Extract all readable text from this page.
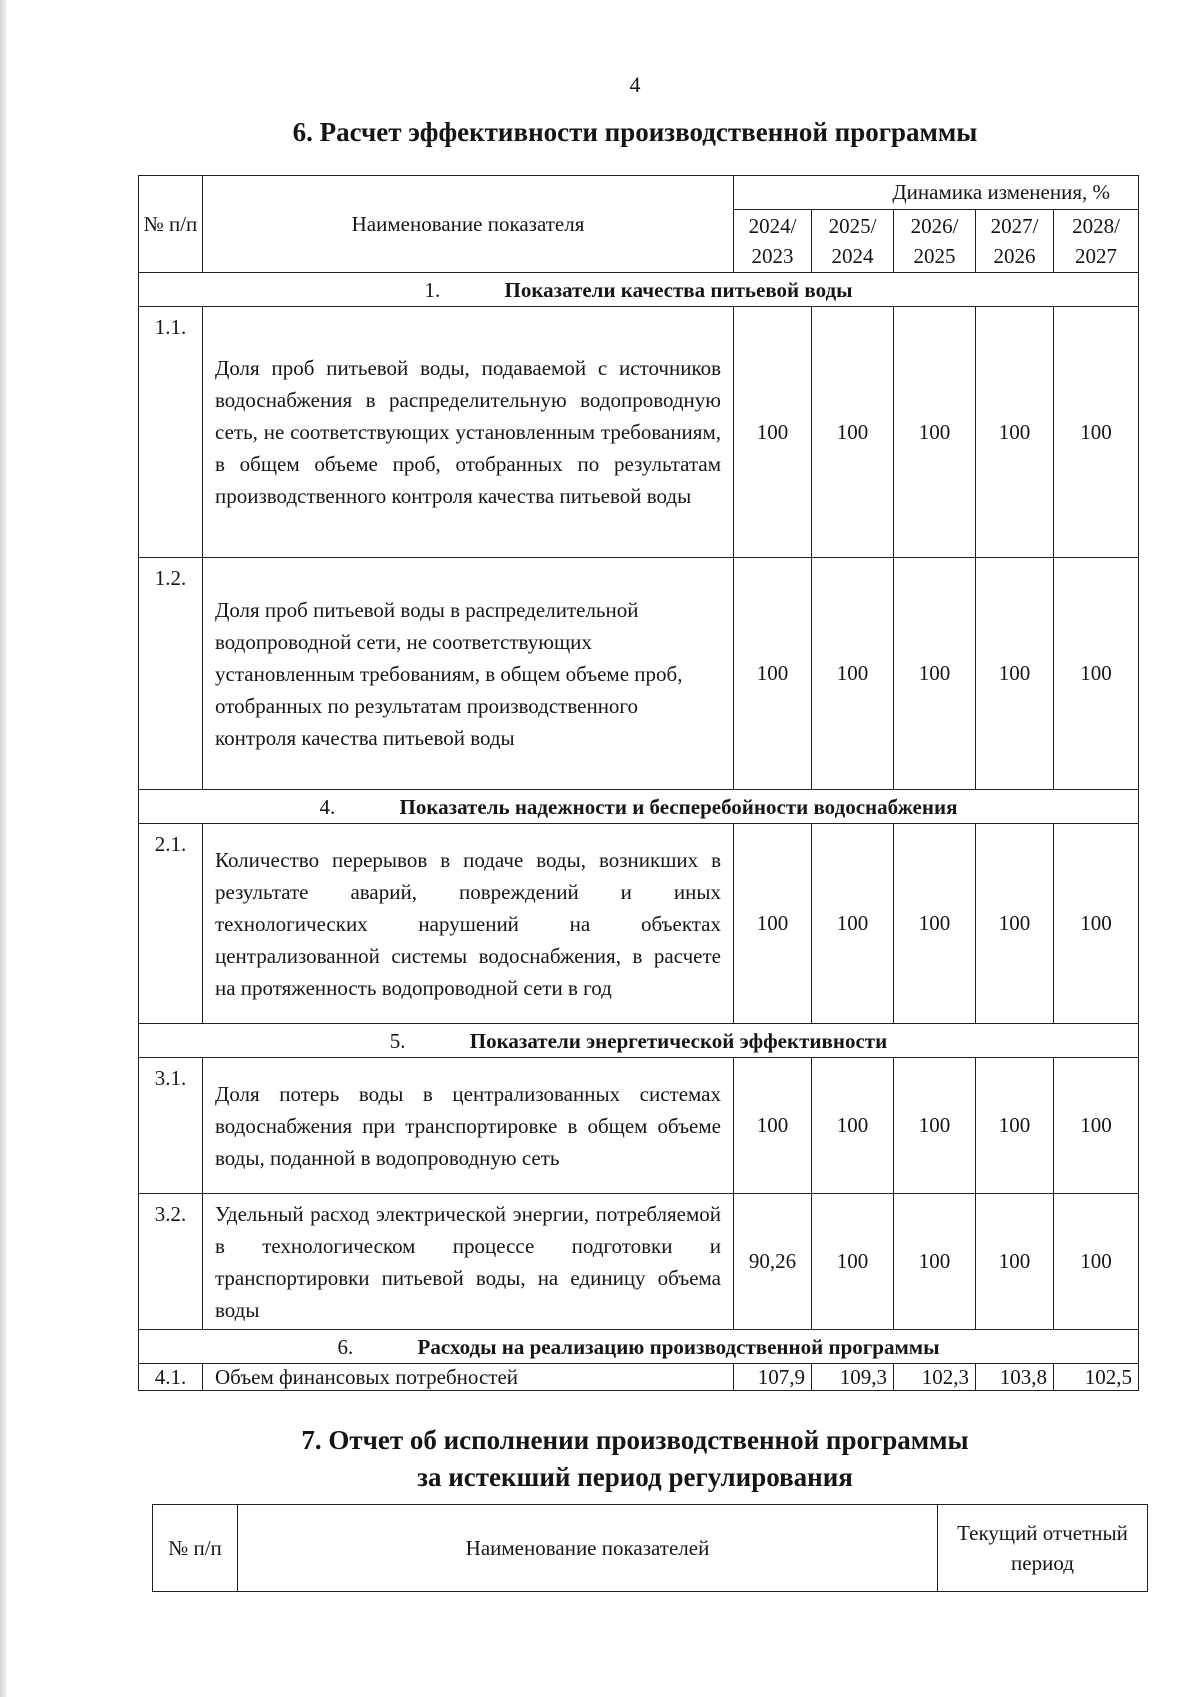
4
6. Расчет эффективности производственной программы
№ п/п	Наименование показателя	Динамика изменения, %				
		2024/ 2023	2025/ 2024	2026/ 2025	2027/ 2026	2028/ 2027
1. Показатели качества питьевой воды						
1.1.	Доля проб питьевой воды, подаваемой с источников водоснабжения в распределительную водопроводную сеть, не соответствующих установленным требованиям, в общем объеме проб, отобранных по результатам производственного контроля качества питьевой воды	100	100	100	100	100
1.2.	Доля проб питьевой воды в распределительной водопроводной сети, не соответствующих установленным требованиям, в общем объеме проб, отобранных по результатам производственного контроля качества питьевой воды	100	100	100	100	100
4. Показатель надежности и бесперебойности водоснабжения						
2.1.	Количество перерывов в подаче воды, возникших в результате аварий, повреждений и иных технологических нарушений на объектах централизованной системы водоснабжения, в расчете на протяженность водопроводной сети в год	100	100	100	100	100
5. Показатели энергетической эффективности						
3.1.	Доля потерь воды в централизованных системах водоснабжения при транспортировке в общем объеме воды, поданной в водопроводную сеть	100	100	100	100	100
3.2.	Удельный расход электрической энергии, потребляемой в технологическом процессе подготовки и транспортировки питьевой воды, на единицу объема воды	90,26	100	100	100	100
6. Расходы на реализацию производственной программы						
4.1.	Объем финансовых потребностей	107,9	109,3	102,3	103,8	102,5
7. Отчет об исполнении производственной программы
за истекший период регулирования
№ п/п	Наименование показателей	Текущий отчетный период
